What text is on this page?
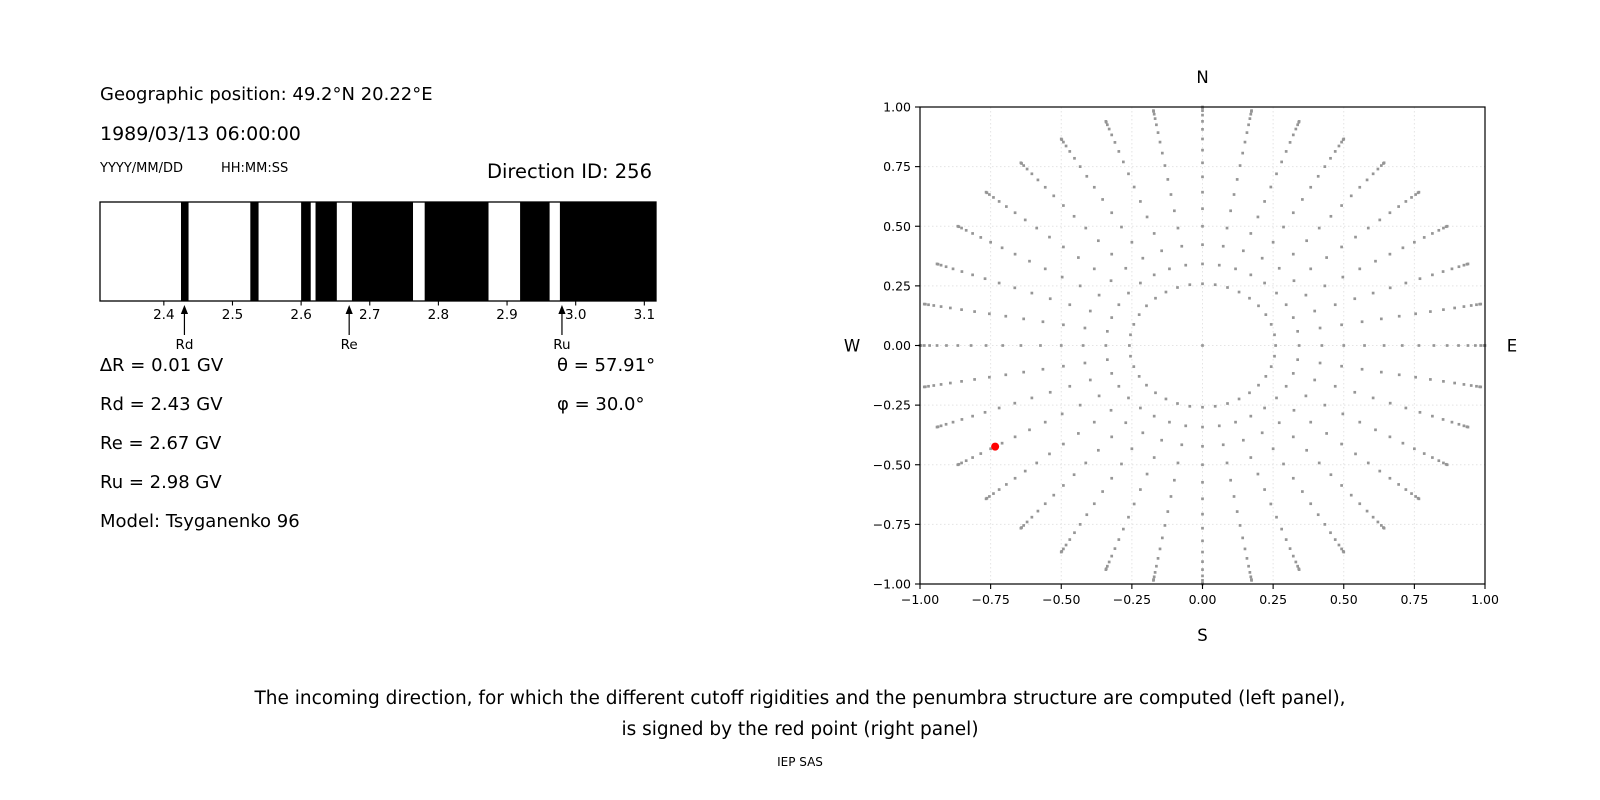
Geographic position: 49.2°N 20.22°E
1989/03/13 06:00:00
YYYY/MM/DD	HH:MM:SS	Direction ID: 256
2.4	2.5	2.6	2.7	2.8	2.9	3.0	3.1
Rd	Re	Ru
∆R = 0.01 GV
Rd = 2.43 GV
Re = 2.67 GV
Ru = 2.98 GV
Model: Tsyganenko 96
θ = 57.91°
φ = 30.0°
−1.00	−0.75	−0.50	−0.25	0.00	0.25	0.50	0.75	1.00
1.00
0.75
0.50
0.25
0.00
−0.25
−0.50
−0.75
−1.00
N
S
W	E
The incoming direction, for which the different cutoff rigidities and the penumbra structure are computed (left panel),
is signed by the red point (right panel)
IEP SAS
